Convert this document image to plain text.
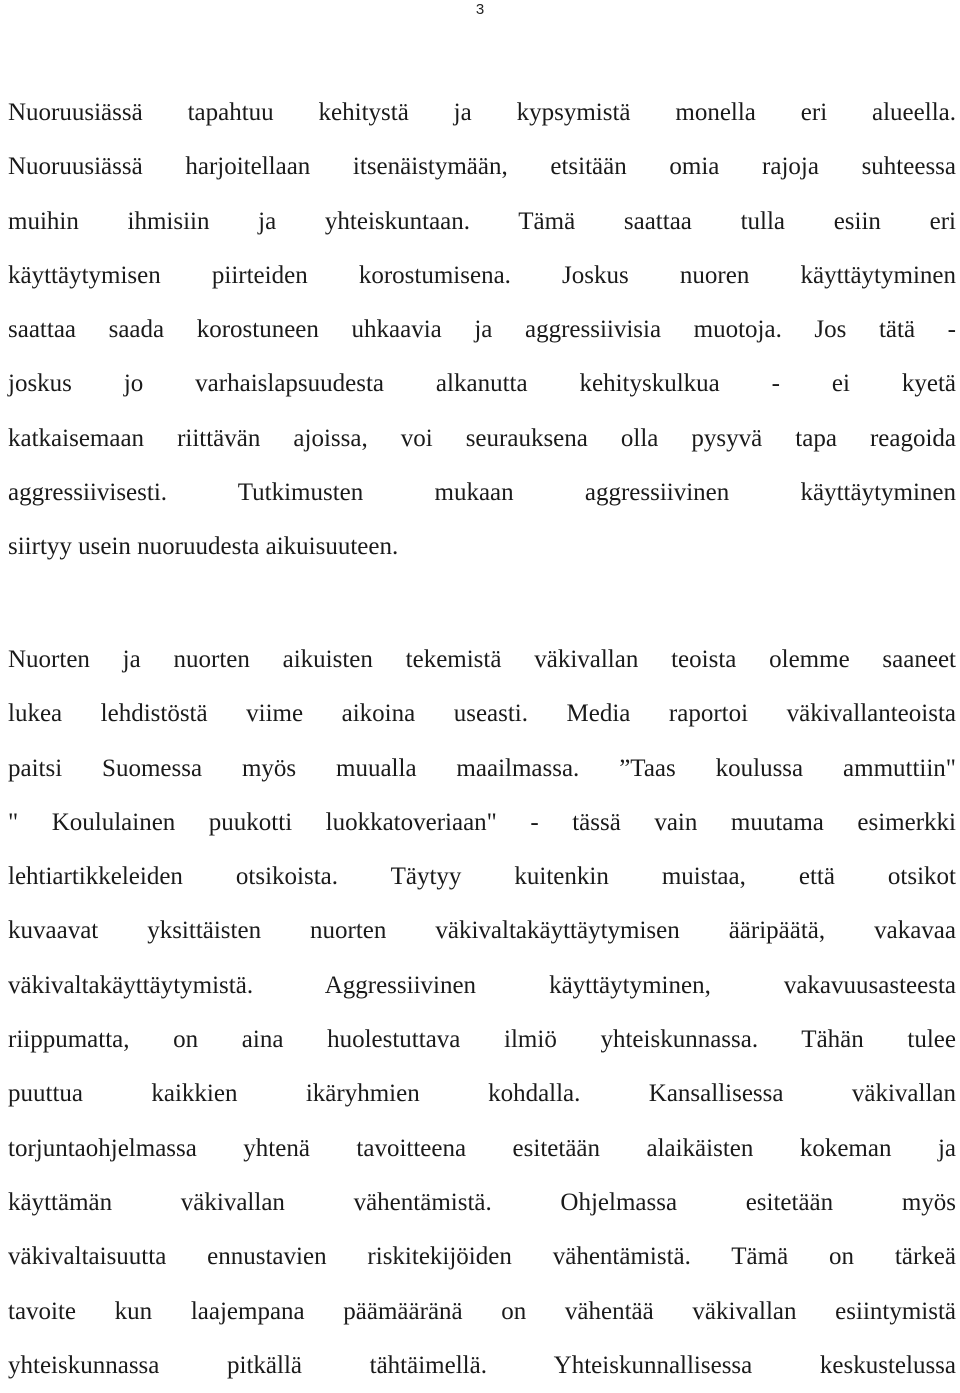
3
Nuoruusiässä tapahtuu kehitystä ja kypsymistä monella eri alueella.
Nuoruusiässä harjoitellaan itsenäistymään, etsitään omia rajoja suhteessa
muihin ihmisiin ja yhteiskuntaan. Tämä saattaa tulla esiin eri
käyttäytymisen piirteiden korostumisena. Joskus nuoren käyttäytyminen
saattaa saada korostuneen uhkaavia ja aggressiivisia muotoja. Jos tätä -
joskus jo varhaislapsuudesta alkanutta kehityskulkua - ei kyetä
katkaisemaan riittävän ajoissa, voi seurauksena olla pysyvä tapa reagoida
aggressiivisesti. Tutkimusten mukaan aggressiivinen käyttäytyminen
siirtyy usein nuoruudesta aikuisuuteen.
Nuorten ja nuorten aikuisten tekemistä väkivallan teoista olemme saaneet
lukea lehdistöstä viime aikoina useasti. Media raportoi väkivallanteoista
paitsi Suomessa myös muualla maailmassa. ”Taas koulussa ammuttiin"
" Koululainen puukotti luokkatoveriaan" - tässä vain muutama esimerkki
lehtiartikkeleiden otsikoista. Täytyy kuitenkin muistaa, että otsikot
kuvaavat yksittäisten nuorten väkivaltakäyttäytymisen ääripäätä, vakavaa
väkivaltakäyttäytymistä. Aggressiivinen käyttäytyminen, vakavuusasteesta
riippumatta, on aina huolestuttava ilmiö yhteiskunnassa. Tähän tulee
puuttua kaikkien ikäryhmien kohdalla. Kansallisessa väkivallan
torjuntaohjelmassa yhtenä tavoitteena esitetään alaikäisten kokeman ja
käyttämän väkivallan vähentämistä. Ohjelmassa esitetään myös
väkivaltaisuutta ennustavien riskitekijöiden vähentämistä. Tämä on tärkeä
tavoite kun laajempana päämääränä on vähentää väkivallan esiintymistä
yhteiskunnassa pitkällä tähtäimellä. Yhteiskunnallisessa keskustelussa
